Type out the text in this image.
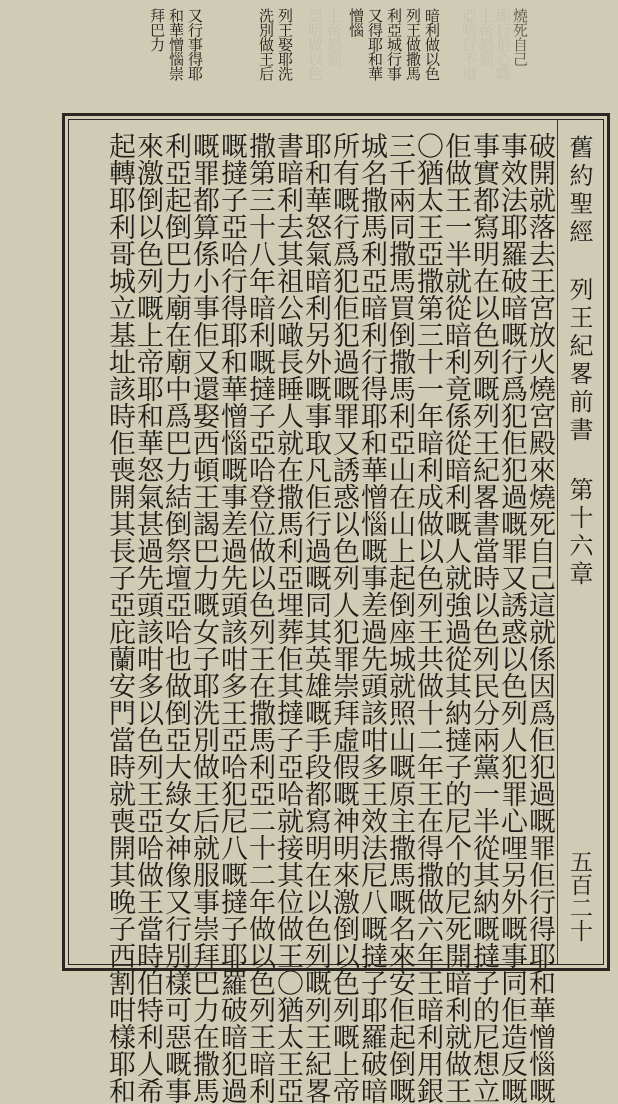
燒死自己
即行佢心嘅
上帝怒罰
亞哈行不道
暗利做以色
列王做撒馬
利亞城行事
又得耶和華
憎惱
上帝怒罰
亞哈做以色
列王娶耶洗
洗別做王后
又行事得耶
和華憎惱崇
拜巴力
舊約聖經列王紀畧前書 第十六章
五百二十
破開就落去王宮放火燒宮殿來燒死自己這就係因爲佢犯過嘅罪佢行得耶和華憎惱嘅
事效法耶羅破暗嘅行爲犯佢犯過嘅罪又誘惑以色列人犯罪心哩另外嘅事同佢造反嘅
事實都寫明在以色列嘅列王紀畧書當時以色列民分兩黨一半從其納嘅撻子的尼想立
佢做王一半就從暗利竟係從暗利嘅人就強過從其納撻子的尼个的尼死開暗利就做王
〇猶太王亞撒第三十一年暗利成做以色列王共做十二年王在得撒做六年王暗利用銀
三千兩同撒馬買倒撒馬利亞山在山上起倒座城就照山嘅原主撒馬嘅名來安佢起倒嘅
城名撒馬利亞暗利行得耶和華憎惱嘅事差過先頭該咁多王效法尼八嘅撻子耶羅破暗
所有嘅行爲犯佢犯過嘅罪又誘惑以色列人犯罪崇拜虛假嘅神明來激倒以色列嘅上帝
耶和華怒氣暗利另外嘅事取凡佢行過嘅同其英雄嘅手段都寫明在以色列嘅列王紀畧
書暗利去其祖公噉長睡人就在撒馬利亞埋葬佢其撻子亞哈就接其位做王〇猶太王亞
撒第三十八年暗利嘅撻子亞哈登位做以色列王在撒馬利亞二十二年做以色列王暗利
嘅撻子亞哈行得耶和華憎惱嘅事差過先頭該咁多王亞哈犯尼八嘅撻子耶羅破暗犯過
嘅罪都算係小事佢又還娶西頓王謁巴力嘅女子耶洗別做王后就服事崇拜巴力在撒馬
利亞起倒巴力廟在廟中爲巴力結倒祭壇亞哈也做倒亞大綠女神像又行別樣可惡嘅事
來激倒以色列嘅上帝耶和華怒氣甚過先頭該咁多以色列王亞哈做王當時伯特利人希
起轉耶利哥城立基址該時佢喪開其長子亞庇蘭安門當時就喪開其晚子西割咁樣耶和
